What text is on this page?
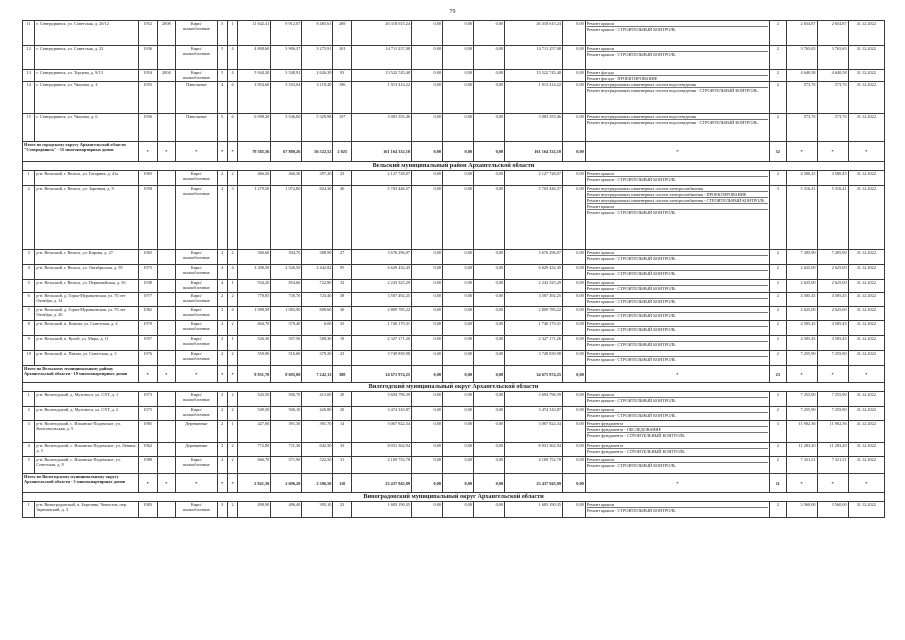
79
11	г. Северодвинск, ул. Советская, д. 20/12	1952	2008	Кирп/ шлакоблочные	5	1	11 642,41	9 912,07	8 485,61	269	26 318 615,24	0,00	0,00	0,00	26 318 615,24	0,00	Ремонт крыши
Ремонт крыши - СТРОИТЕЛЬНЫЙ КОНТРОЛЬ	2	2 654,87	2 654,87	31.12.2022
12	г. Северодвинск, ул. Советская, д. 22	1936		Кирп/ шлакоблочные	5	4	4 808,60	3 906,37	3 275,91	101	14 711 257,08	0,00	0,00	0,00	14 711 257,08	0,00	Ремонт крыши
Ремонт крыши - СТРОИТЕЛЬНЫЙ КОНТРОЛЬ	2	3 765,65	3 765,65	31.12.2022
13	г. Северодвинск, ул. Торцева, д. 9/13	1954	2004	Кирп/ шлакоблочные	5	4	5 944,30	3 548,92	2 626,39	93	13 522 745,40	0,00	0,00	0,00	13 522 745,40	0,00	Ремонт фасада
Ремонт фасада - ПРОЕКТИРОВАНИЕ	2	4 640,58	4 640,58	31.12.2022
14	г. Северодвинск, ул. Чкалова, д. 4	1955		Панельные	4	6	3 854,60	3 333,04	3 119,40	196	1 913 414,22	0,00	0,00	0,00	1 913 414,22	0,00	Ремонт внутридомовых инженерных систем водоотведения
Ремонт внутридомовых инженерных систем водоотведения - СТРОИТЕЛЬНЫЙ КОНТРОЛЬ	2	573,76	573,76	31.12.2022
15	г. Северодвинск, ул. Чкалова, д. 6	1956		Панельные	5	6	6 098,20	5 546,00	5 329,98	197	3 083 355,46	0,00	0,00	0,00	3 083 355,46	0,00	Ремонт внутридомовых инженерных систем водоотведения
Ремонт внутридомовых инженерных систем водоотведения - СТРОИТЕЛЬНЫЙ КОНТРОЛЬ	2	573,76	573,76	31.12.2022
Итого по городскому округу Архангельской области "Северодвинск" - 15 многоквартирных домов		*	*	*	*	*	79 585,56	67 880,26	56 522,52	2 025	161 164 332,10	0,00	0,00	0,00	161 164 332,10	0,00	*	32	*	*	*
Вельский муниципальный район Архангельской области																					
1	р-н. Вельский, г. Вельск, ул. Гагарина, д. 41а	1965		Кирп/ шлакоблочные	2	2	466,20	460,30	397,20	23	2 127 728,07	0,00	0,00	0,00	2 127 728,07	0,00	Ремонт крыши
Ремонт крыши - СТРОИТЕЛЬНЫЙ КОНТРОЛЬ	2	4 580,45	4 580,45	31.12.2022
2	р-н. Вельский, г. Вельск, ул. Заречная, д. 9	1958		Кирп/ шлакоблочные	2	3	1 279,50	1 072,80	824,30	40	5 703 446,57	0,00	0,00	0,00	5 703 446,57	0,00	Ремонт внутридомовых инженерных систем электроснабжения
Ремонт внутридомовых инженерных систем электроснабжения - ПРОЕКТИРОВАНИЕ
Ремонт внутридомовых инженерных систем электроснабжения - СТРОИТЕЛЬНЫЙ КОНТРОЛЬ
Ремонт крыши
Ремонт крыши - СТРОИТЕЛЬНЫЙ КОНТРОЛЬ	3	5 316,41	5 316,41	31.12.2022
3	р-н. Вельский, г. Вельск, ул. Кирова, д. 27	1965		Кирп/ шлакоблочные	2	2	560,60	504,70	388,90	27	3 676 296,07	0,00	0,00	0,00	3 676 296,07	0,00	Ремонт крыши
Ремонт крыши - СТРОИТЕЛЬНЫЙ КОНТРОЛЬ	2	7 285,90	7 285,90	31.12.2022
4	р-н. Вельский, г. Вельск, ул. Октябрьская, д. 59	1975		Кирп/ шлакоблочные	4	4	3 308,50	2 526,50	2 442,82	95	6 629 432,45	0,00	0,00	0,00	6 629 432,45	0,00	Ремонт крыши
Ремонт крыши - СТРОИТЕЛЬНЫЙ КОНТРОЛЬ	2	2 625,00	2 625,00	31.12.2022
5	р-н. Вельский, г. Вельск, ул. Первомайская, д. 56	1938		Кирп/ шлакоблочные	4	1	934,20	854,60	722,80	32	2 243 325,29	0,00	0,00	0,00	2 243 325,29	0,00	Ремонт крыши
Ремонт крыши - СТРОИТЕЛЬНЫЙ КОНТРОЛЬ	2	2 625,00	2 625,00	31.12.2022
6	р-н. Вельский, д. Горка-Муравьевская, ул. 70 лет Октября, д. 14	1977		Кирп/ шлакоблочные	2	2	778,05	730,70	723,40	38	3 507 492,25	0,00	0,00	0,00	3 507 492,25	0,00	Ремонт крыши
Ремонт крыши - СТРОИТЕЛЬНЫЙ КОНТРОЛЬ	2	4 585,45	4 585,45	31.12.2022
7	р-н. Вельский, д. Горка-Муравьевская, ул. 70 лет Октября, д. 20	1982		Кирп/ шлакоблочные	2	4	1 098,39	1 083,90	808,60	30	2 809 785,22	0,00	0,00	0,00	2 809 785,22	0,00	Ремонт крыши
Ремонт крыши - СТРОИТЕЛЬНЫЙ КОНТРОЛЬ	2	2 625,00	2 625,00	31.12.2022
8	р-н. Вельский, п. Кизема, ул. Советская, д. 4	1979		Кирп/ шлакоблочные	2	2	604,70	579,40	0,00	35	1 740 179,31	0,00	0,00	0,00	1 740 179,31	0,00	Ремонт крыши
Ремонт крыши - СТРОИТЕЛЬНЫЙ КОНТРОЛЬ	2	4 585,45	4 585,45	31.12.2022
9	р-н. Вельский, п. Кулой, ул. Мира, д. 11	1957		Кирп/ шлакоблочные	2	1	526,30	507,50	508,30	19	2 327 171,26	0,00	0,00	0,00	2 327 171,26	0,00	Ремонт крыши
Ремонт крыши - СТРОИТЕЛЬНЫЙ КОНТРОЛЬ	2	4 585,45	4 585,45	31.12.2022
10	р-н. Вельский, п. Пакша, ул. Советская, д. 3	1976		Кирп/ шлакоблочные	2	2	559,90	516,60	379,20	23	3 749 839,98	0,00	0,00	0,00	3 749 839,98	0,00	Ремонт крыши
Ремонт крыши - СТРОИТЕЛЬНЫЙ КОНТРОЛЬ	2	7 255,90	7 255,90	31.12.2022
Итого по Вельскому муниципальному району Архангельской области - 10 многоквартирных домов		*	*	*	*	*	9 951,70	8 695,80	7 242,13	388	34 671 974,25	0,00	0,00	0,00	34 671 974,25	0,00	*	23	*	*	*
Вилегодский муниципальный округ Архангельской области																					
1	р-н. Вилегодский, д. Мухоноса, ул. СХТ, д. 1	1973		Кирп/ шлакоблочные	2	2	543,50	500,70	413,00	20	3 694 796,39	0,00	0,00	0,00	3 694 796,39	0,00	Ремонт крыши
Ремонт крыши - СТРОИТЕЛЬНЫЙ КОНТРОЛЬ	2	7 255,90	7 255,90	31.12.2022
2	р-н. Вилегодский, д. Мухоноса, ул. СХТ, д. 2	1975		Кирп/ шлакоблочные	2	2	549,50	506,10	426,80	20	3 474 310,87	0,00	0,00	0,00	3 474 310,87	0,00	Ремонт крыши
Ремонт крыши - СТРОИТЕЛЬНЫЙ КОНТРОЛЬ	2	7 255,90	7 255,90	31.12.2022
3	р-н. Вилегодский, с. Ильинско-Подомское, ул. Комсомольская, д. 5	1985		Деревянные	2	1	427,00	391,30	391,70	14	3 067 822,34	0,00	0,00	0,00	3 067 822,34	0,00	Ремонт фундамента
Ремонт фундамента - ОБСЛЕДОВАНИЕ
Ремонт фундамента - СТРОИТЕЛЬНЫЙ КОНТРОЛЬ	3	11 902,36	11 902,36	31.12.2022
4	р-н. Вилегодский, с. Ильинско-Подомское, ул. Ленина, д. 5	1962		Деревянные	2	2	772,80	711,30	642,50	35	8 031 362,94	0,00	0,00	0,00	8 031 362,94	0,00	Ремонт фундамента
Ремонт фундамента - СТРОИТЕЛЬНЫЙ КОНТРОЛЬ	2	11 283,20	11 283,20	31.12.2022
5	р-н. Вилегодский, с. Ильинско-Подомское, ул. Советская, д. 8	1988		Кирп/ шлакоблочные	2	2	666,70	571,90	522,50	31	4 169 752,78	0,00	0,00	0,00	4 169 752,78	0,00	Ремонт крыши
Ремонт крыши - СТРОИТЕЛЬНЫЙ КОНТРОЛЬ	2	7 321,51	7 321,51	31.12.2022
Итого по Вилегодскому муниципальному округу Архангельской области - 5 многоквартирных домов		*	*	*	*	*	2 921,50	2 696,20	2 396,50	110	23 437 945,09	0,00	0,00	0,00	23 437 945,09	0,00	*	11	*	*	*
Виноградовский муниципальный округ Архангельской области																					
1	р-н. Виноградовский, п. Березник, Чекистов, пер. Заречанский, д. 3	1983		Кирп/ шлакоблочные	3	2	498,90	486,40	395,10	23	1 683 190,35	0,00	0,00	0,00	1 683 190,35	0,00	Ремонт крыши
Ремонт крыши - СТРОИТЕЛЬНЫЙ КОНТРОЛЬ	2	3 560,00	3 560,00	31.12.2022
